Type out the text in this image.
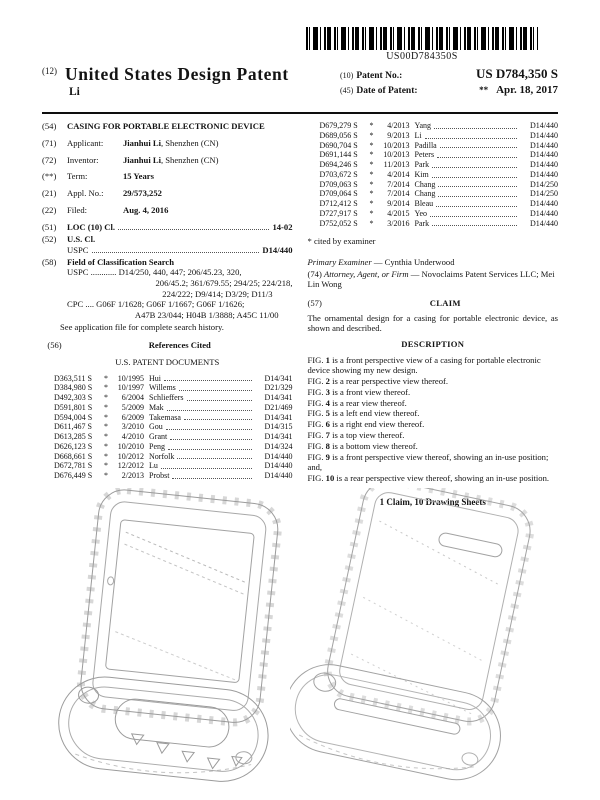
US00D784350S
$^{(12)}$ United States Design Patent
Li
(10) Patent No.:	US D784,350 S
(45) Date of Patent:	** Apr. 18, 2017
(54)	CASING FOR PORTABLE ELECTRONIC DEVICE
(71)	Applicant:	Jianhui Li, Shenzhen (CN)
(72)	Inventor:	Jianhui Li, Shenzhen (CN)
(**)	Term:	15 Years
(21)	Appl. No.:	29/573,252
(22)	Filed:	Aug. 4, 2016
(51)	LOC (10) Cl.	14-02
(52)	U.S. Cl.
USPC	D14/440
(58)	Field of Classification Search
USPC ............ D14/250, 440, 447; 206/45.23, 320,
206/45.2; 361/679.55; 294/25; 224/218,
224/222; D9/414; D3/29; D11/3
CPC .... G06F 1/1628; G06F 1/1667; G06F 1/1626;
A47B 23/044; H04B 1/3888; A45C 11/00
See application file for complete search history.
(56)	References Cited
U.S. PATENT DOCUMENTS
D363,511 S	*	10/1995 Hui	D14/341
D384,980 S	*	10/1997 Willems	D21/329
D492,303 S	*	6/2004 Schlieffers	D14/341
D591,801 S	*	5/2009 Mak	D21/469
D594,004 S	*	6/2009 Takemasa	D14/341
D611,467 S	*	3/2010 Gou	D14/315
D613,285 S	*	4/2010 Grant	D14/341
D626,123 S	*	10/2010 Peng	D14/324
D668,661 S	*	10/2012 Norfolk	D14/440
D672,781 S	*	12/2012 Lu	D14/440
D676,449 S	*	2/2013 Probst	D14/440
D679,279 S	*	4/2013 Yang	D14/440
D689,056 S	*	9/2013 Li	D14/440
D690,704 S	*	10/2013 Padilla	D14/440
D691,144 S	*	10/2013 Peters	D14/440
D694,246 S	*	11/2013 Park	D14/440
D703,672 S	*	4/2014 Kim	D14/440
D709,063 S	*	7/2014 Chang	D14/250
D709,064 S	*	7/2014 Chang	D14/250
D712,412 S	*	9/2014 Bleau	D14/440
D727,917 S	*	4/2015 Yeo	D14/440
D752,052 S	*	3/2016 Park	D14/440
* cited by examiner
Primary Examiner — Cynthia Underwood
(74) Attorney, Agent, or Firm — Novoclaims Patent Services LLC; Mei Lin Wong
(57)	CLAIM
The ornamental design for a casing for portable electronic device, as shown and described.
DESCRIPTION
FIG. 1 is a front perspective view of a casing for portable electronic device showing my new design.
FIG. 2 is a rear perspective view thereof.
FIG. 3 is a front view thereof.
FIG. 4 is a rear view thereof.
FIG. 5 is a left end view thereof.
FIG. 6 is a right end view thereof.
FIG. 7 is a top view thereof.
FIG. 8 is a bottom view thereof.
FIG. 9 is a front perspective view thereof, showing an in-use position; and,
FIG. 10 is a rear perspective view thereof, showing an in-use position.
1 Claim, 10 Drawing Sheets
